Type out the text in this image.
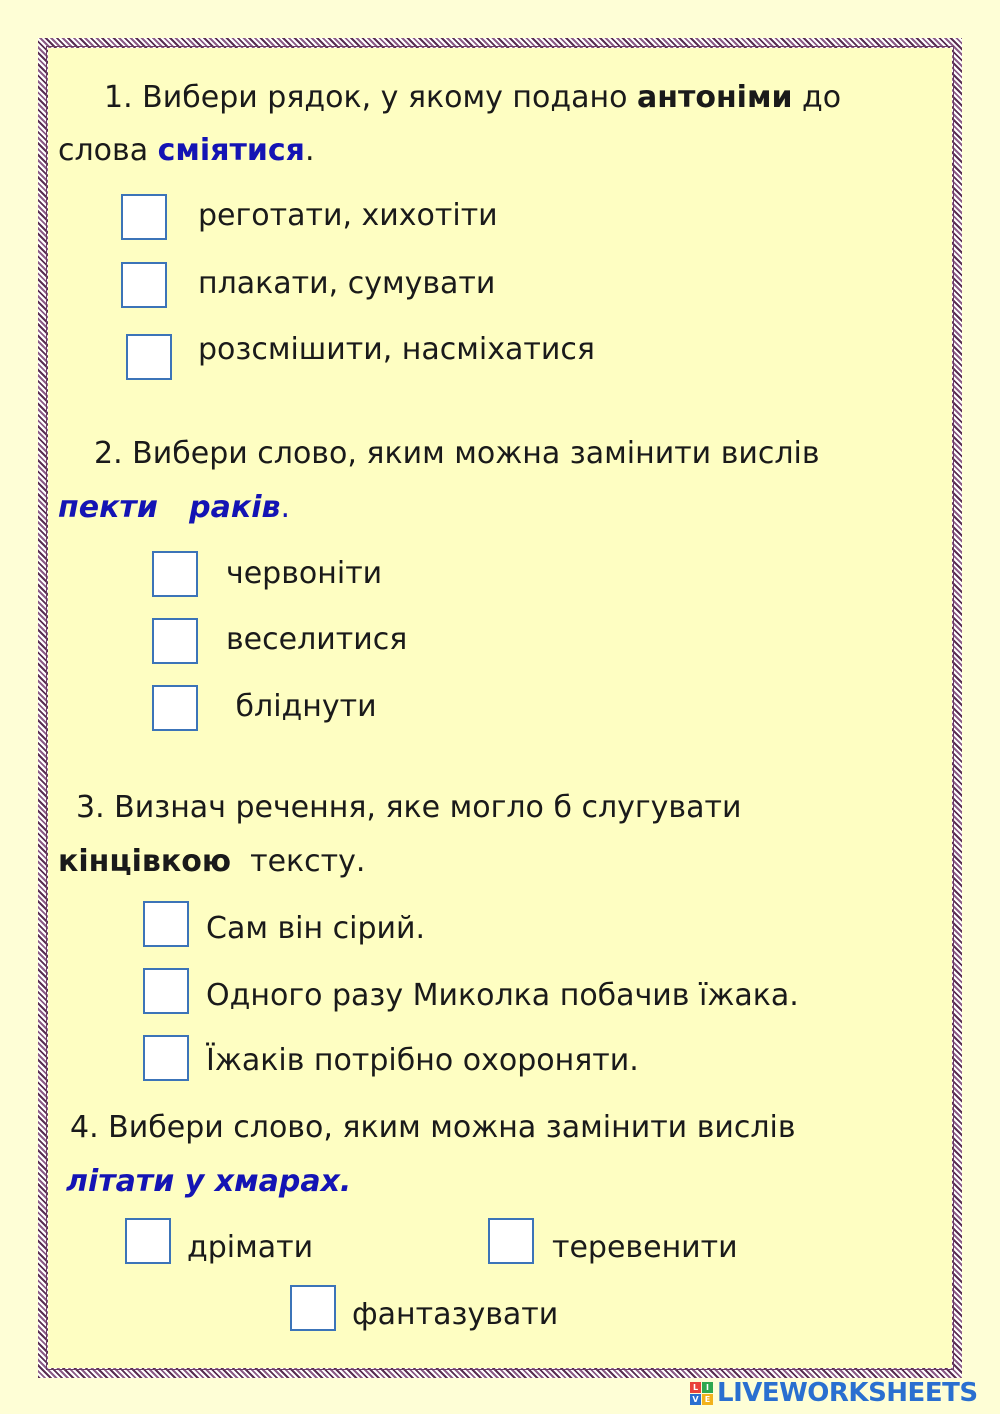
1. Вибери рядок, у якому подано антоніми до
слова сміятися.
реготати, хихотіти
плакати, сумувати
розсмішити, насміхатися
2. Вибери слово, яким можна замінити вислів
пекти   раків.
червоніти
веселитися
бліднути
3. Визнач речення, яке могло б слугувати
кінцівкою  тексту.
Сам він сірий.
Одного разу Миколка побачив їжака.
Їжаків потрібно охороняти.
4. Вибери слово, яким можна замінити вислів
літати у хмарах.
дрімати	теревенити
фантазувати
L I
V E LIVEWORKSHEETS
